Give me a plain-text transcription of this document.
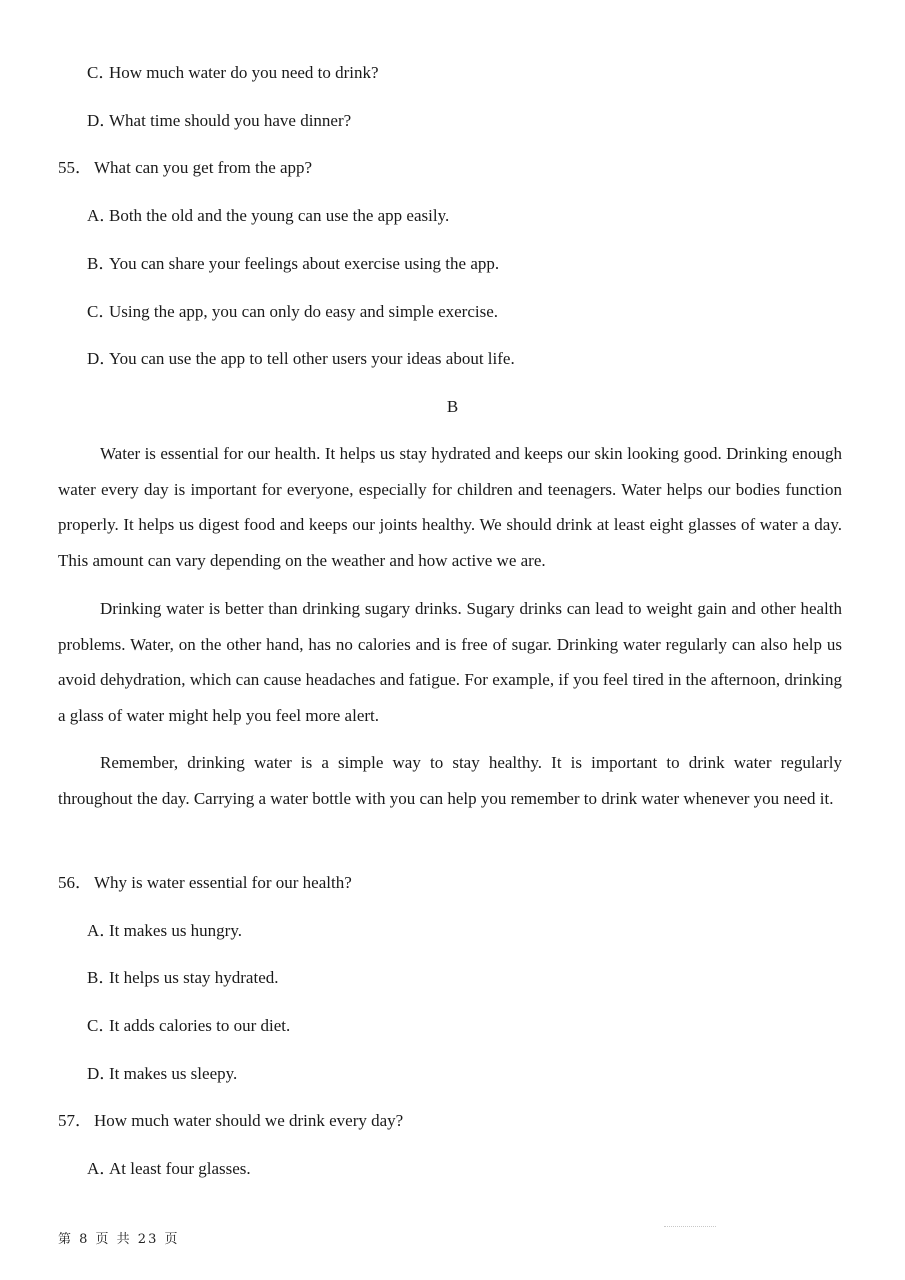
C．How much water do you need to drink?
D．What time should you have dinner?
55． What can you get from the app?
A．Both the old and the young can use the app easily.
B．You can share your feelings about exercise using the app.
C．Using the app, you can only do easy and simple exercise.
D．You can use the app to tell other users your ideas about life.
B

Water is essential for our health. It helps us stay hydrated and keeps our skin looking good. Drinking enough water every day is important for everyone, especially for children and teenagers. Water helps our bodies function properly. It helps us digest food and keeps our joints healthy. We should drink at least eight glasses of water a day. This amount can vary depending on the weather and how active we are.

Drinking water is better than drinking sugary drinks. Sugary drinks can lead to weight gain and other health problems. Water, on the other hand, has no calories and is free of sugar. Drinking water regularly can also help us avoid dehydration, which can cause headaches and fatigue. For example, if you feel tired in the afternoon, drinking a glass of water might help you feel more alert.

Remember, drinking water is a simple way to stay healthy. It is important to drink water regularly throughout the day. Carrying a water bottle with you can help you remember to drink water whenever you need it.

56． Why is water essential for our health?
A．It makes us hungry.
B．It helps us stay hydrated.
C．It adds calories to our diet.
D．It makes us sleepy.
57． How much water should we drink every day?
A．At least four glasses.
第 8 页 共 23 页
